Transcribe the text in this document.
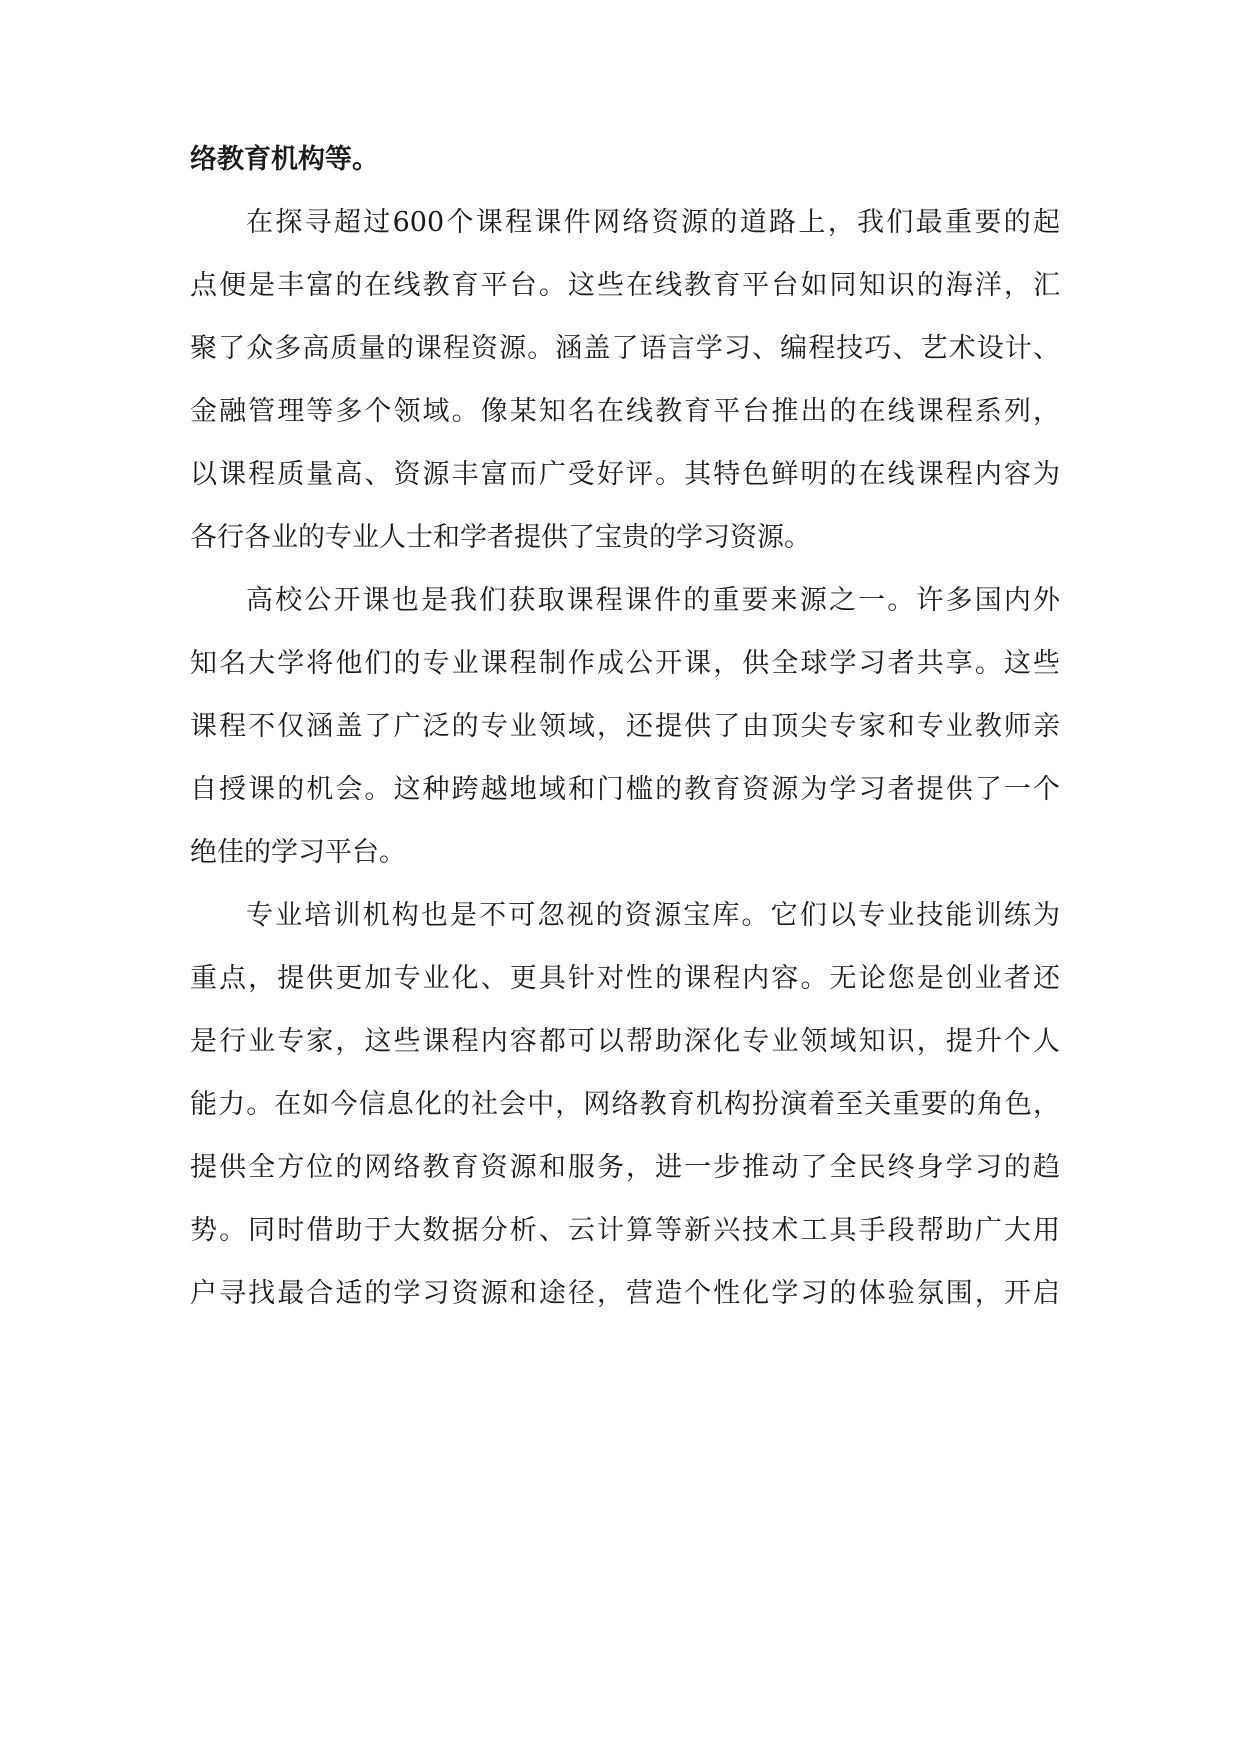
络教育机构等。

在探寻超过600个课程课件网络资源的道路上，我们最重要的起

点便是丰富的在线教育平台。这些在线教育平台如同知识的海洋，汇

聚了众多高质量的课程资源。涵盖了语言学习、编程技巧、艺术设计、

金融管理等多个领域。像某知名在线教育平台推出的在线课程系列，

以课程质量高、资源丰富而广受好评。其特色鲜明的在线课程内容为

各行各业的专业人士和学者提供了宝贵的学习资源。

高校公开课也是我们获取课程课件的重要来源之一。许多国内外

知名大学将他们的专业课程制作成公开课，供全球学习者共享。这些

课程不仅涵盖了广泛的专业领域，还提供了由顶尖专家和专业教师亲

自授课的机会。这种跨越地域和门槛的教育资源为学习者提供了一个

绝佳的学习平台。

专业培训机构也是不可忽视的资源宝库。它们以专业技能训练为

重点，提供更加专业化、更具针对性的课程内容。无论您是创业者还

是行业专家，这些课程内容都可以帮助深化专业领域知识，提升个人

能力。在如今信息化的社会中，网络教育机构扮演着至关重要的角色，

提供全方位的网络教育资源和服务，进一步推动了全民终身学习的趋

势。同时借助于大数据分析、云计算等新兴技术工具手段帮助广大用

户寻找最合适的学习资源和途径，营造个性化学习的体验氛围，开启
